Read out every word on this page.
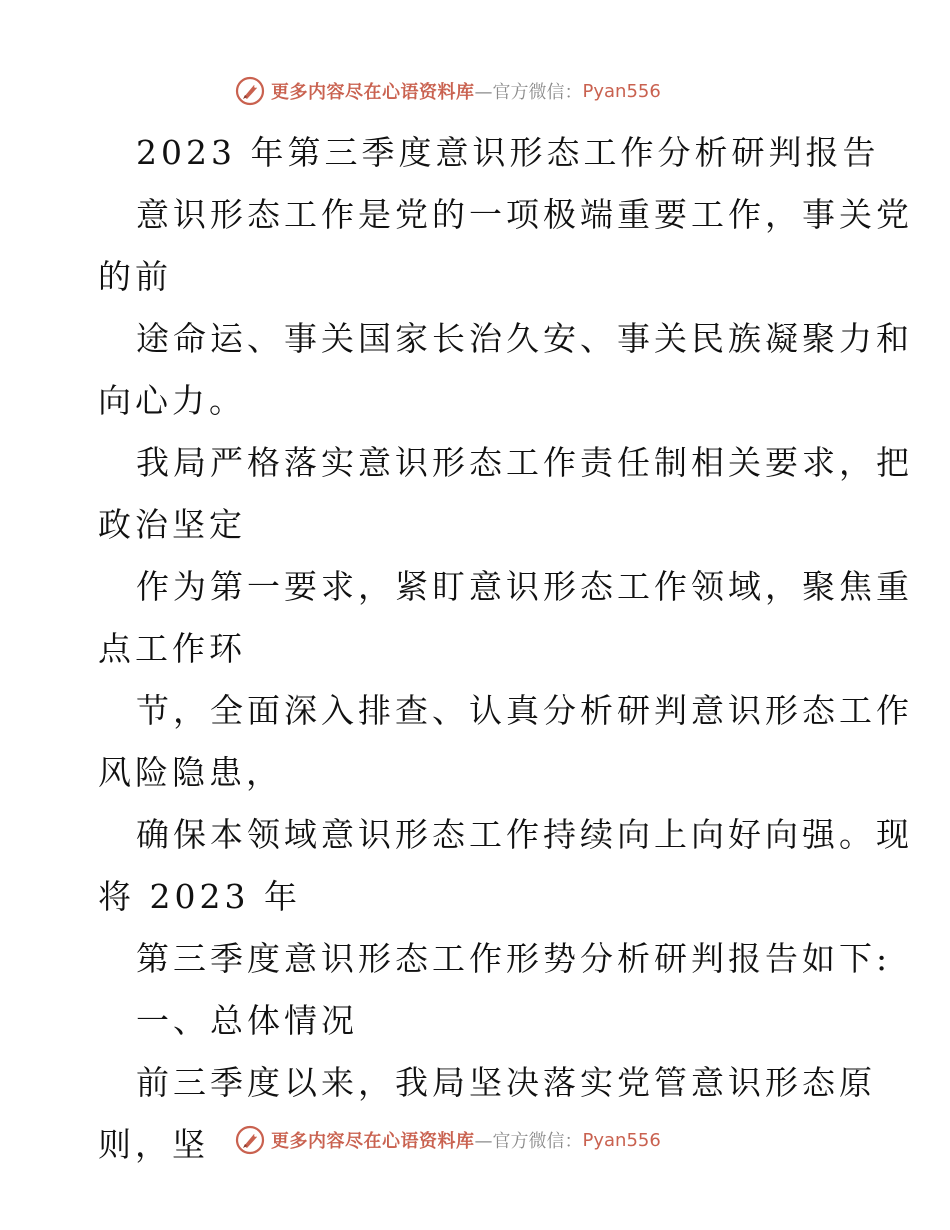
更多内容尽在心语资料库 —官方微信： Pyan556
2023 年第三季度意识形态工作分析研判报告
意识形态工作是党的一项极端重要工作，事关党
的前
途命运、事关国家长治久安、事关民族凝聚力和
向心力。
我局严格落实意识形态工作责任制相关要求，把
政治坚定
作为第一要求，紧盯意识形态工作领域，聚焦重
点工作环
节，全面深入排查、认真分析研判意识形态工作
风险隐患，
确保本领域意识形态工作持续向上向好向强。现
将 2023 年
第三季度意识形态工作形势分析研判报告如下:
一、总体情况
前三季度以来，我局坚决落实党管意识形态原
则，坚	更多内容尽在心语资料库 —官方微信： Pyan556
